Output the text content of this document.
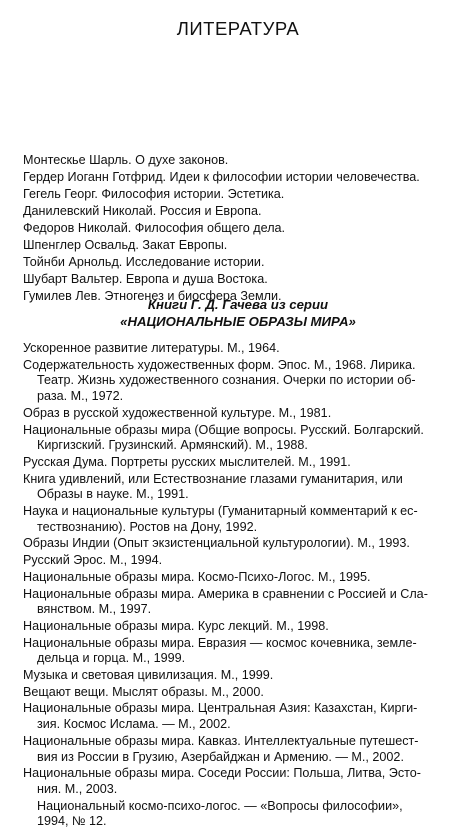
ЛИТЕРАТУРА
Монтескье Шарль. О духе законов.
Гердер Иоганн Готфрид. Идеи к философии истории человечества.
Гегель Георг. Философия истории. Эстетика.
Данилевский Николай. Россия и Европа.
Федоров Николай. Философия общего дела.
Шпенглер Освальд. Закат Европы.
Тойнби Арнольд. Исследование истории.
Шубарт Вальтер. Европа и душа Востока.
Гумилев Лев. Этногенез и биосфера Земли.
Книги Г. Д. Гачева из серии
«НАЦИОНАЛЬНЫЕ ОБРАЗЫ МИРА»
Ускоренное развитие литературы. М., 1964.
Содержательность художественных форм. Эпос. М., 1968. Лирика.
Театр. Жизнь художественного сознания. Очерки по истории об-
раза. М., 1972.
Образ в русской художественной культуре. М., 1981.
Национальные образы мира (Общие вопросы. Русский. Болгарский.
Киргизский. Грузинский. Армянский). М., 1988.
Русская Дума. Портреты русских мыслителей. М., 1991.
Книга удивлений, или Естествознание глазами гуманитария, или
Образы в науке. М., 1991.
Наука и национальные культуры (Гуманитарный комментарий к ес-
тествознанию). Ростов на Дону, 1992.
Образы Индии (Опыт экзистенциальной культурологии). М., 1993.
Русский Эрос. М., 1994.
Национальные образы мира. Космо-Психо-Логос. М., 1995.
Национальные образы мира. Америка в сравнении с Россией и Сла-
вянством. М., 1997.
Национальные образы мира. Курс лекций. М., 1998.
Национальные образы мира. Евразия — космос кочевника, земле-
дельца и горца. М., 1999.
Музыка и световая цивилизация. М., 1999.
Вещают вещи. Мыслят образы. М., 2000.
Национальные образы мира. Центральная Азия: Казахстан, Кирги-
зия. Космос Ислама. — М., 2002.
Национальные образы мира. Кавказ. Интеллектуальные путешест-
вия из России в Грузию, Азербайджан и Армению. — М., 2002.
Национальные образы мира. Соседи России: Польша, Литва, Эсто-
ния. М., 2003.
Национальный космо-психо-логос. — «Вопросы философии»,
1994, № 12.
